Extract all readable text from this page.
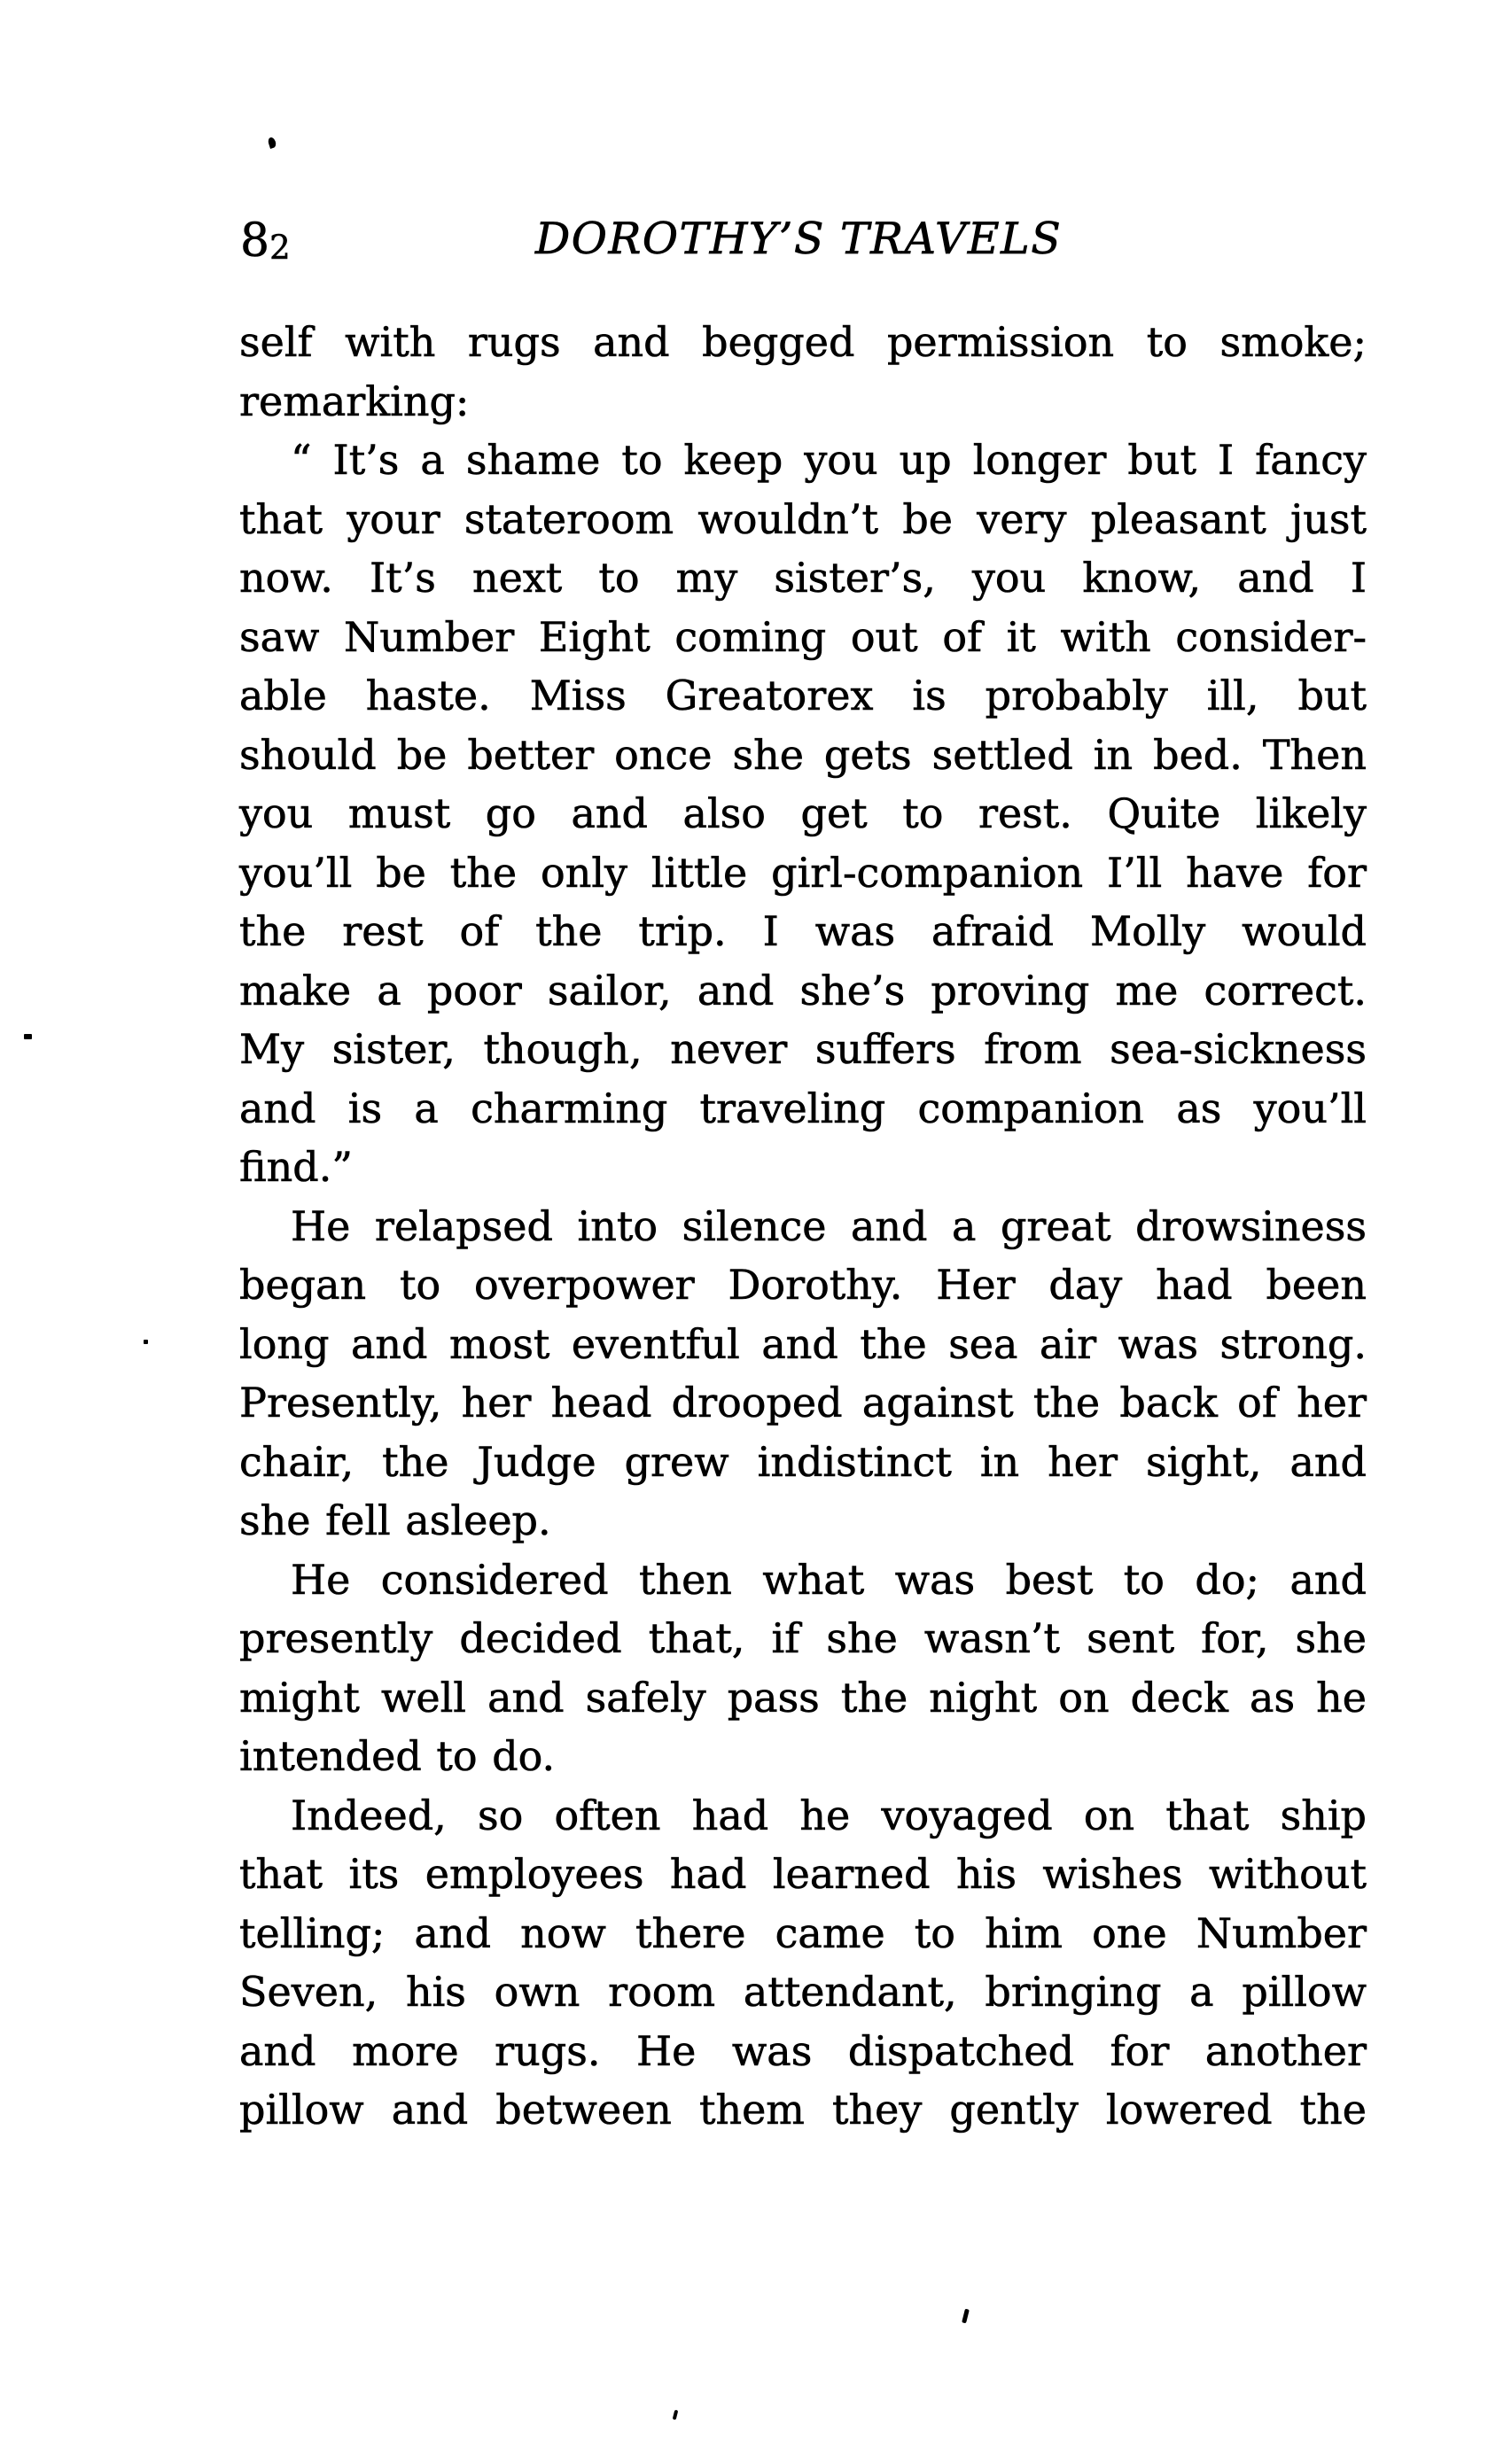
82	DOROTHY’S TRAVELS
self with rugs and begged permission to smoke;
remarking:
“ It’s a shame to keep you up longer but I fancy
that your stateroom wouldn’t be very pleasant just
now. It’s next to my sister’s, you know, and I
saw Number Eight coming out of it with consider-
able haste. Miss Greatorex is probably ill, but
should be better once she gets settled in bed. Then
you must go and also get to rest. Quite likely
you’ll be the only little girl-companion I’ll have for
the rest of the trip. I was afraid Molly would
make a poor sailor, and she’s proving me correct.
My sister, though, never suffers from sea-sickness
and is a charming traveling companion as you’ll
find.”
He relapsed into silence and a great drowsiness
began to overpower Dorothy. Her day had been
long and most eventful and the sea air was strong.
Presently, her head drooped against the back of her
chair, the Judge grew indistinct in her sight, and
she fell asleep.
He considered then what was best to do; and
presently decided that, if she wasn’t sent for, she
might well and safely pass the night on deck as he
intended to do.
Indeed, so often had he voyaged on that ship
that its employees had learned his wishes without
telling; and now there came to him one Number
Seven, his own room attendant, bringing a pillow
and more rugs. He was dispatched for another
pillow and between them they gently lowered the
